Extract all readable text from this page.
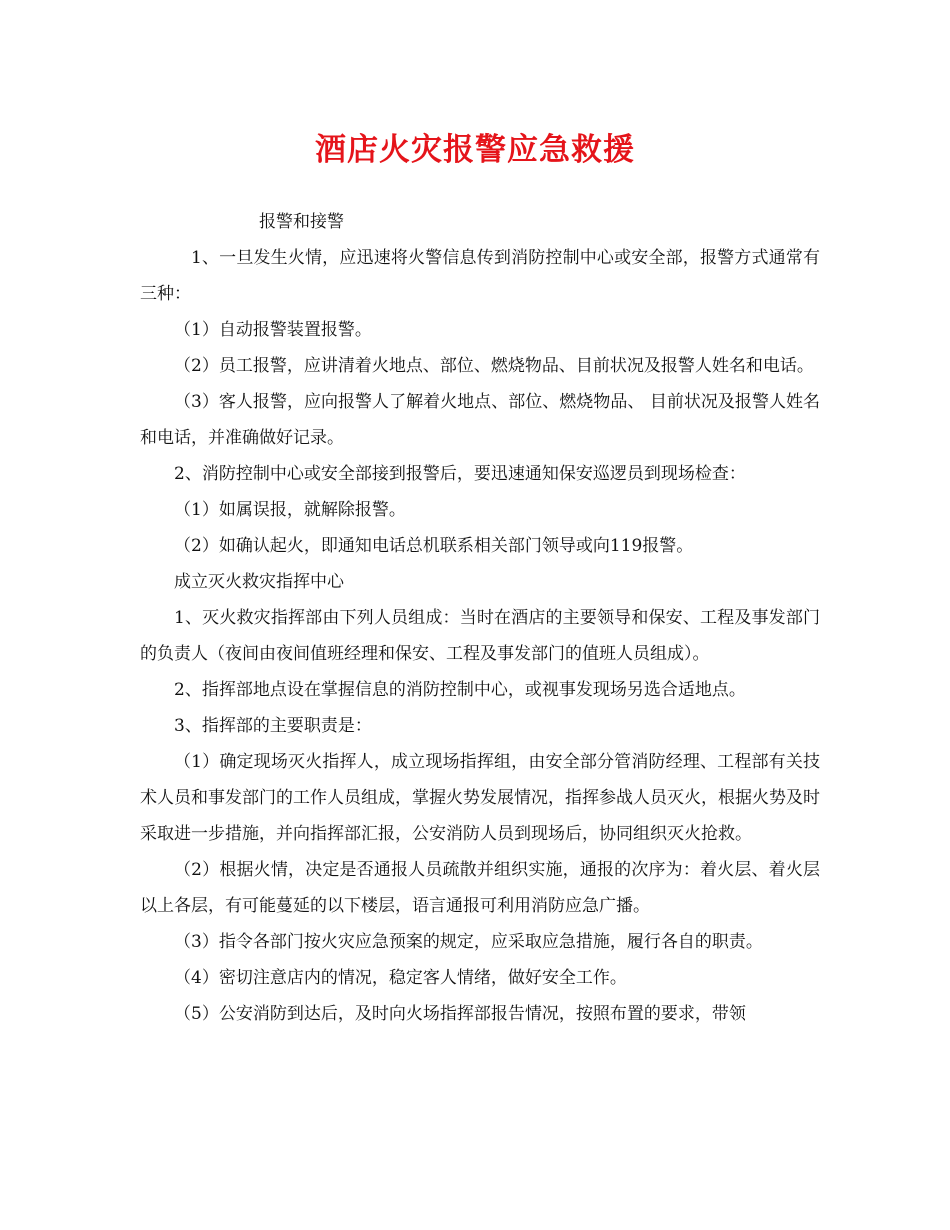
酒店火灾报警应急救援

报警和接警

1、一旦发生火情，应迅速将火警信息传到消防控制中心或安全部，报警方式通常有三种：

（1）自动报警装置报警。

（2）员工报警，应讲清着火地点、部位、燃烧物品、目前状况及报警人姓名和电话。

（3）客人报警，应向报警人了解着火地点、部位、燃烧物品、 目前状况及报警人姓名和电话，并准确做好记录。

2、消防控制中心或安全部接到报警后，要迅速通知保安巡逻员到现场检查：

（1）如属误报，就解除报警。

（2）如确认起火，即通知电话总机联系相关部门领导或向119报警。

成立灭火救灾指挥中心

1、灭火救灾指挥部由下列人员组成：当时在酒店的主要领导和保安、工程及事发部门的负责人（夜间由夜间值班经理和保安、工程及事发部门的值班人员组成）。

2、指挥部地点设在掌握信息的消防控制中心，或视事发现场另选合适地点。

3、指挥部的主要职责是：

（1）确定现场灭火指挥人，成立现场指挥组，由安全部分管消防经理、工程部有关技术人员和事发部门的工作人员组成，掌握火势发展情况，指挥参战人员灭火，根据火势及时采取进一步措施，并向指挥部汇报，公安消防人员到现场后，协同组织灭火抢救。

（2）根据火情，决定是否通报人员疏散并组织实施，通报的次序为：着火层、着火层以上各层，有可能蔓延的以下楼层，语言通报可利用消防应急广播。

（3）指令各部门按火灾应急预案的规定，应采取应急措施，履行各自的职责。

（4）密切注意店内的情况，稳定客人情绪，做好安全工作。

（5）公安消防到达后，及时向火场指挥部报告情况，按照布置的要求，带领
